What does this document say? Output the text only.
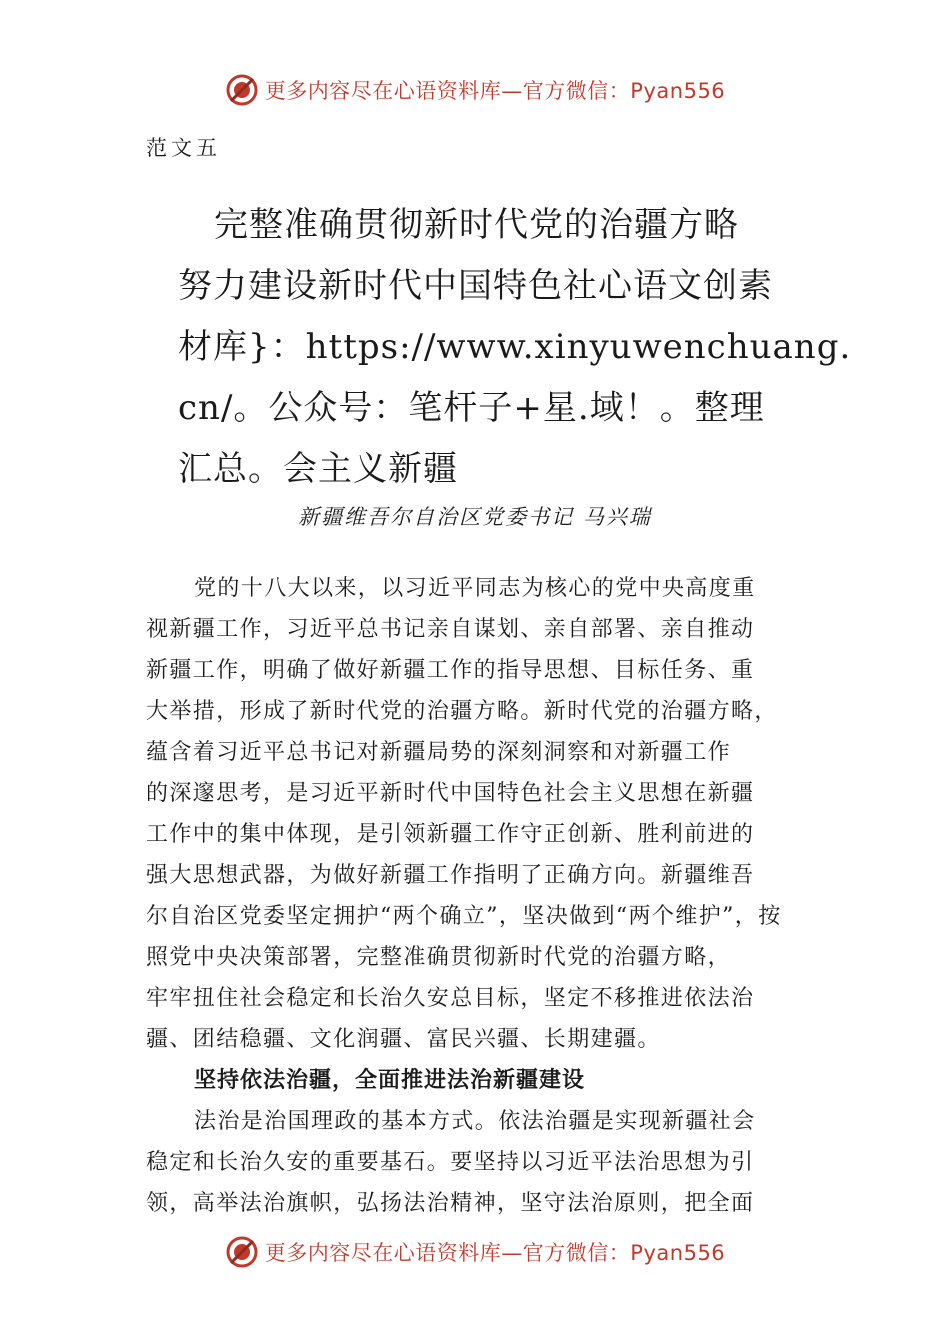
更多内容尽在心语资料库—官方微信：Pyan556
范文五
完整准确贯彻新时代党的治疆方略
努力建设新时代中国特色社心语文创素
材库}：https://www.xinyuwenchuang.
cn/。公众号：笔杆子+星.域！。整理
汇总。会主义新疆
新疆维吾尔自治区党委书记 马兴瑞

党的十八大以来，以习近平同志为核心的党中央高度重
视新疆工作，习近平总书记亲自谋划、亲自部署、亲自推动
新疆工作，明确了做好新疆工作的指导思想、目标任务、重
大举措，形成了新时代党的治疆方略。新时代党的治疆方略，
蕴含着习近平总书记对新疆局势的深刻洞察和对新疆工作
的深邃思考，是习近平新时代中国特色社会主义思想在新疆
工作中的集中体现，是引领新疆工作守正创新、胜利前进的
强大思想武器，为做好新疆工作指明了正确方向。新疆维吾
尔自治区党委坚定拥护“两个确立”，坚决做到“两个维护”，按
照党中央决策部署，完整准确贯彻新时代党的治疆方略，
牢牢扭住社会稳定和长治久安总目标，坚定不移推进依法治
疆、团结稳疆、文化润疆、富民兴疆、长期建疆。

坚持依法治疆，全面推进法治新疆建设

法治是治国理政的基本方式。依法治疆是实现新疆社会
稳定和长治久安的重要基石。要坚持以习近平法治思想为引
领，高举法治旗帜，弘扬法治精神，坚守法治原则，把全面

更多内容尽在心语资料库—官方微信：Pyan556
